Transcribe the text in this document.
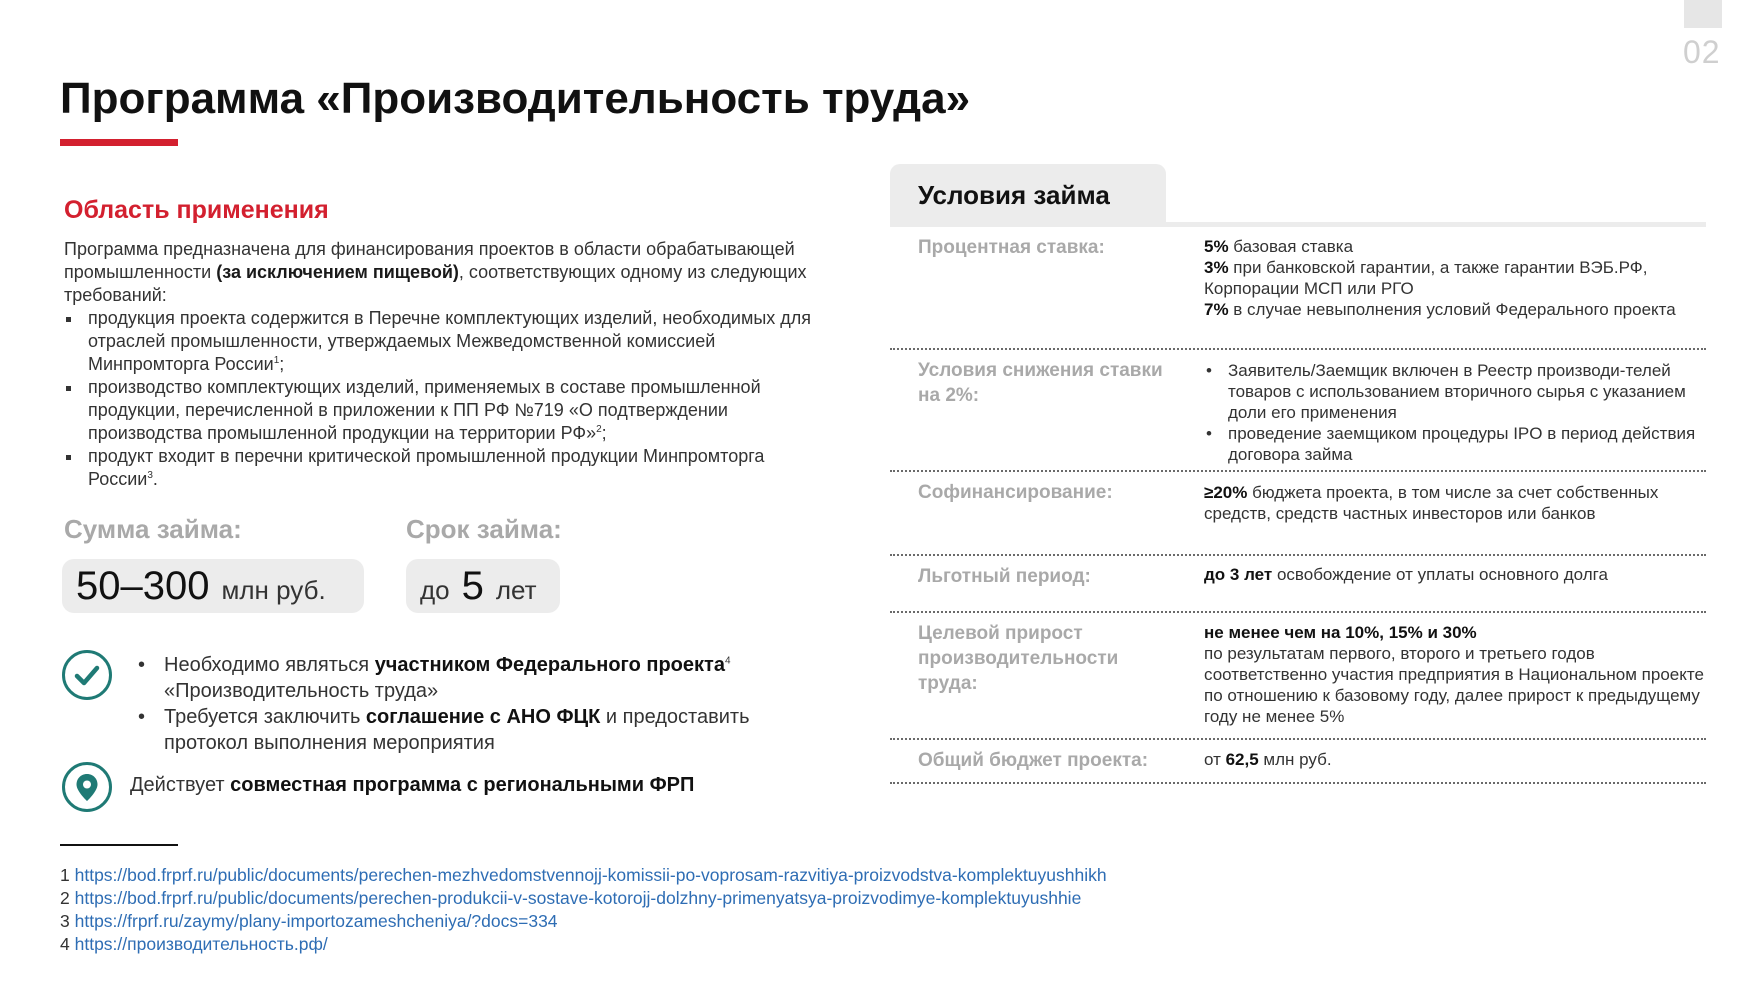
02
Программа «Производительность труда»
Область применения

Программа предназначена для финансирования проектов в области обрабатывающей промышленности (за исключением пищевой), соответствующих одному из следующих требований:

продукция проекта содержится в Перечне комплектующих изделий, необходимых для отраслей промышленности, утверждаемых Межведомственной комиссией Минпромторга России$^1$;
производство комплектующих изделий, применяемых в составе промышленной продукции, перечисленной в приложении к ПП РФ №719 «О подтверждении производства промышленной продукции на территории РФ»$^2$;
продукт входит в перечни критической промышленной продукции Минпромторга России$^3$.
Сумма займа:
50–300 млн руб.
Срок займа:
до 5 лет
• Необходимо являться участником Федерального проекта$^4$ «Производительность труда»
• Требуется заключить соглашение с АНО ФЦК и предоставить протокол выполнения мероприятия
Действует совместная программа с региональными ФРП
Условия займа
Процентная ставка:	5% базовая ставка
3% при банковской гарантии, а также гарантии ВЭБ.РФ, Корпорации МСП или РГО
7% в случае невыполнения условий Федерального проекта
Условия снижения ставки на 2%:
• Заявитель/Заемщик включен в Реестр производи-телей товаров с использованием вторичного сырья с указанием доли его применения
• проведение заемщиком процедуры IPO в период действия договора займа
Софинансирование:	≥20% бюджета проекта, в том числе за счет собственных средств, средств частных инвесторов или банков
Льготный период:	до 3 лет освобождение от уплаты основного долга
Целевой прирост производительности труда:
не менее чем на 10%, 15% и 30%
по результатам первого, второго и третьего годов соответственно участия предприятия в Национальном проекте по отношению к базовому году, далее прирост к предыдущему году не менее 5%
Общий бюджет проекта:	от 62,5 млн руб.
1 https://bod.frprf.ru/public/documents/perechen-mezhvedomstvennojj-komissii-po-voprosam-razvitiya-proizvodstva-komplektuyushhikh
2 https://bod.frprf.ru/public/documents/perechen-produkcii-v-sostave-kotorojj-dolzhny-primenyatsya-proizvodimye-komplektuyushhie
3 https://frprf.ru/zaymy/plany-importozameshcheniya/?docs=334
4 https://производительность.рф/
